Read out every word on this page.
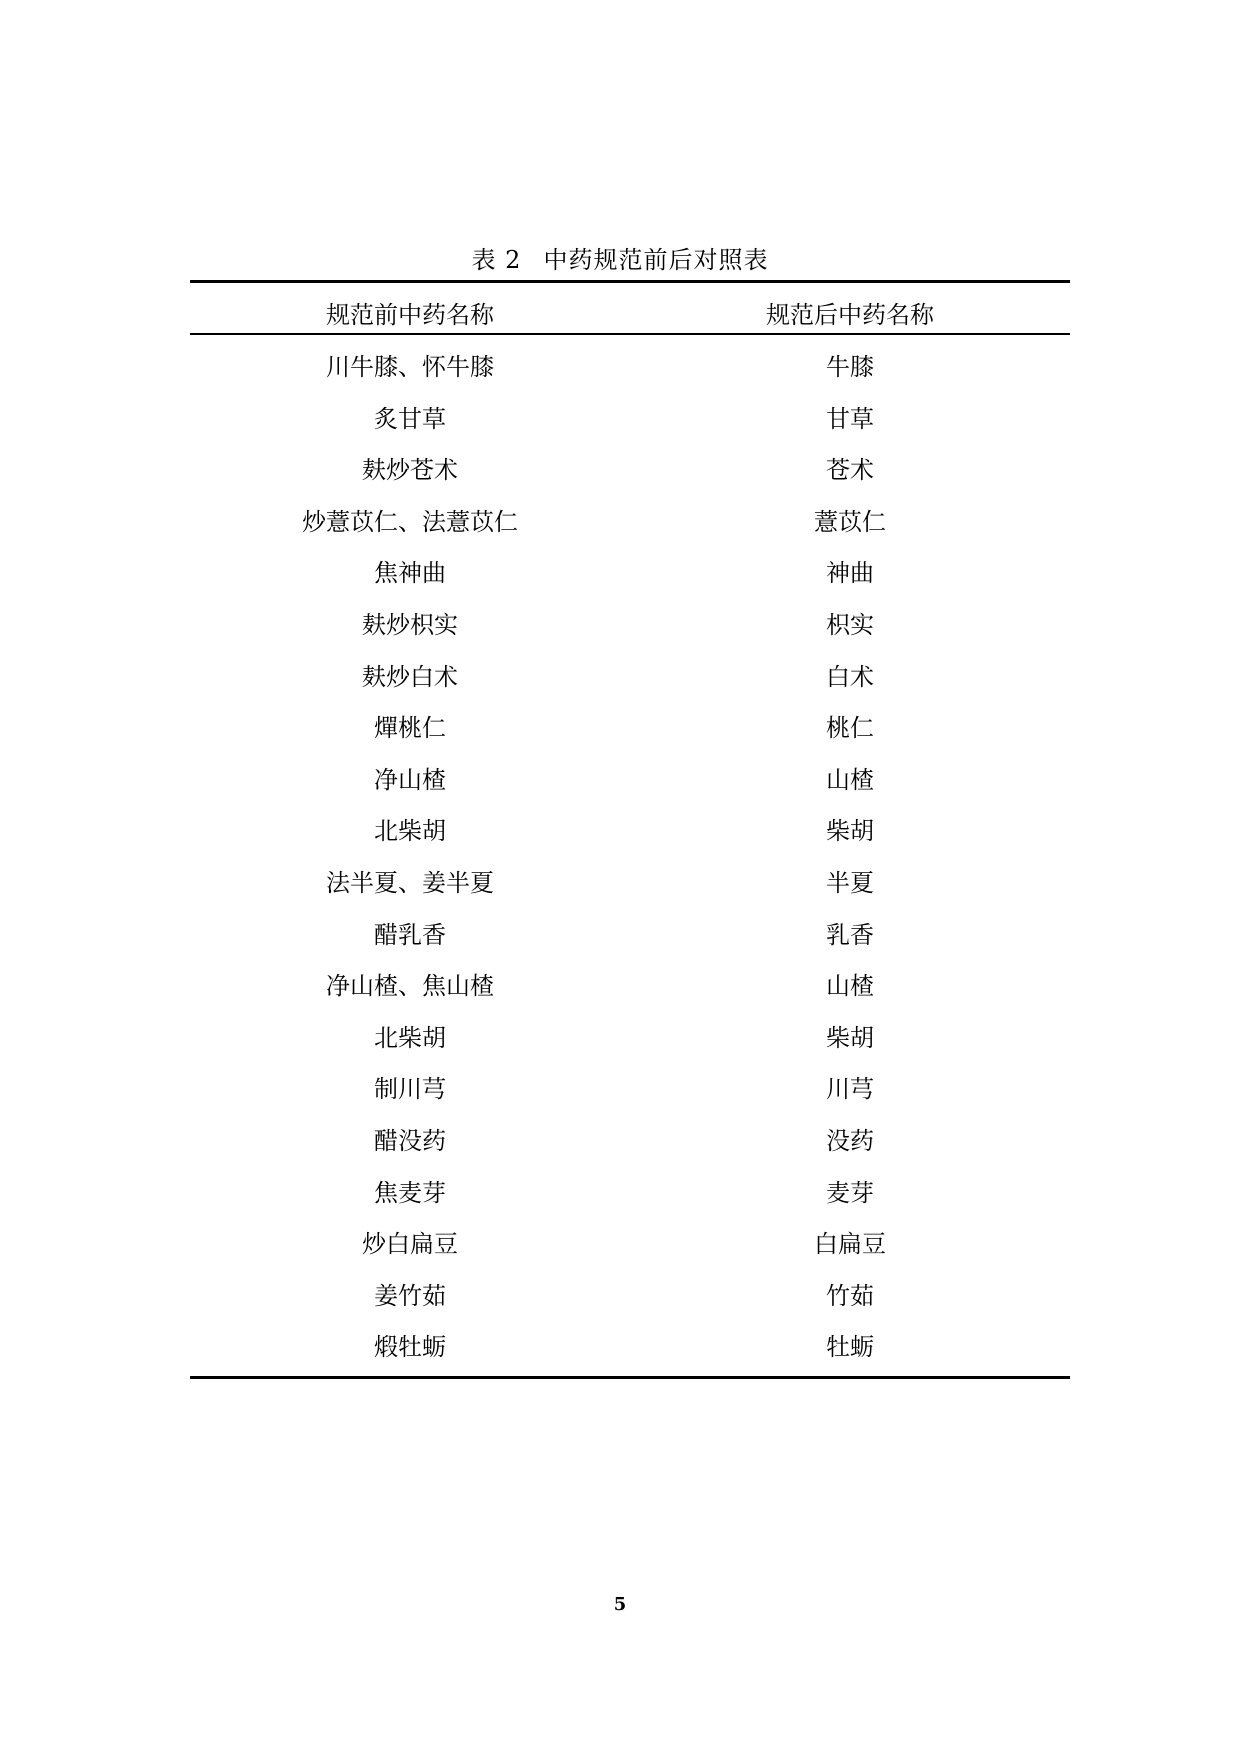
表 2 中药规范前后对照表
规范前中药名称	规范后中药名称
川牛膝、怀牛膝	牛膝
炙甘草	甘草
麸炒苍术	苍术
炒薏苡仁、法薏苡仁	薏苡仁
焦神曲	神曲
麸炒枳实	枳实
麸炒白术	白术
燀桃仁	桃仁
净山楂	山楂
北柴胡	柴胡
法半夏、姜半夏	半夏
醋乳香	乳香
净山楂、焦山楂	山楂
北柴胡	柴胡
制川芎	川芎
醋没药	没药
焦麦芽	麦芽
炒白扁豆	白扁豆
姜竹茹	竹茹
煅牡蛎	牡蛎
5
